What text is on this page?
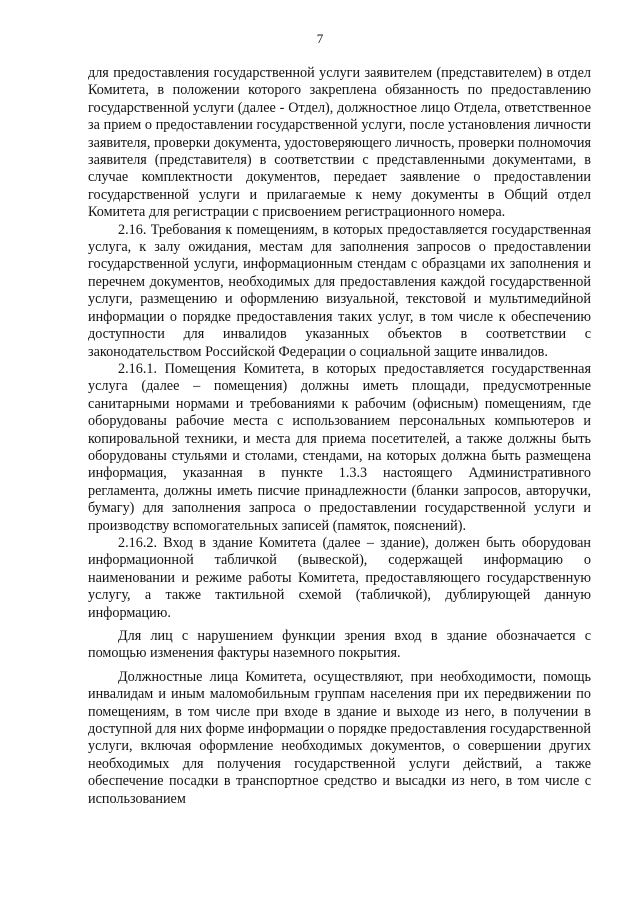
7

для предоставления государственной услуги заявителем (представителем) в отдел Комитета, в положении которого закреплена обязанность по предоставлению государственной услуги (далее - Отдел), должностное лицо Отдела, ответственное за прием о предоставлении государственной услуги, после установления личности заявителя, проверки документа, удостоверяющего личность, проверки полномочия заявителя (представителя) в соответствии с представленными документами, в случае комплектности документов, передает заявление о предоставлении государственной услуги и прилагаемые к нему документы в Общий отдел Комитета для регистрации с присвоением регистрационного номера.

2.16. Требования к помещениям, в которых предоставляется государственная услуга, к залу ожидания, местам для заполнения запросов о предоставлении государственной услуги, информационным стендам с образцами их заполнения и перечнем документов, необходимых для предоставления каждой государственной услуги, размещению и оформлению визуальной, текстовой и мультимедийной информации о порядке предоставления таких услуг, в том числе к обеспечению доступности для инвалидов указанных объектов в соответствии с законодательством Российской Федерации о социальной защите инвалидов.

2.16.1. Помещения Комитета, в которых предоставляется государственная услуга (далее – помещения) должны иметь площади, предусмотренные санитарными нормами и требованиями к рабочим (офисным) помещениям, где оборудованы рабочие места с использованием персональных компьютеров и копировальной техники, и места для приема посетителей, а также должны быть оборудованы стульями и столами, стендами, на которых должна быть размещена информация, указанная в пункте 1.3.3 настоящего Административного регламента, должны иметь писчие принадлежности (бланки запросов, авторучки, бумагу) для заполнения запроса о предоставлении государственной услуги и производству вспомогательных записей (памяток, пояснений).

2.16.2. Вход в здание Комитета (далее – здание), должен быть оборудован информационной табличкой (вывеской), содержащей информацию о наименовании и режиме работы Комитета, предоставляющего государственную услугу, а также тактильной схемой (табличкой), дублирующей данную информацию.

Для лиц с нарушением функции зрения вход в здание обозначается с помощью изменения фактуры наземного покрытия.

Должностные лица Комитета, осуществляют, при необходимости, помощь инвалидам и иным маломобильным группам населения при их передвижении по помещениям, в том числе при входе в здание и выходе из него, в получении в доступной для них форме информации о порядке предоставления государственной услуги, включая оформление необходимых документов, о совершении других необходимых для получения государственной услуги действий, а также обеспечение посадки в транспортное средство и высадки из него, в том числе с использованием
